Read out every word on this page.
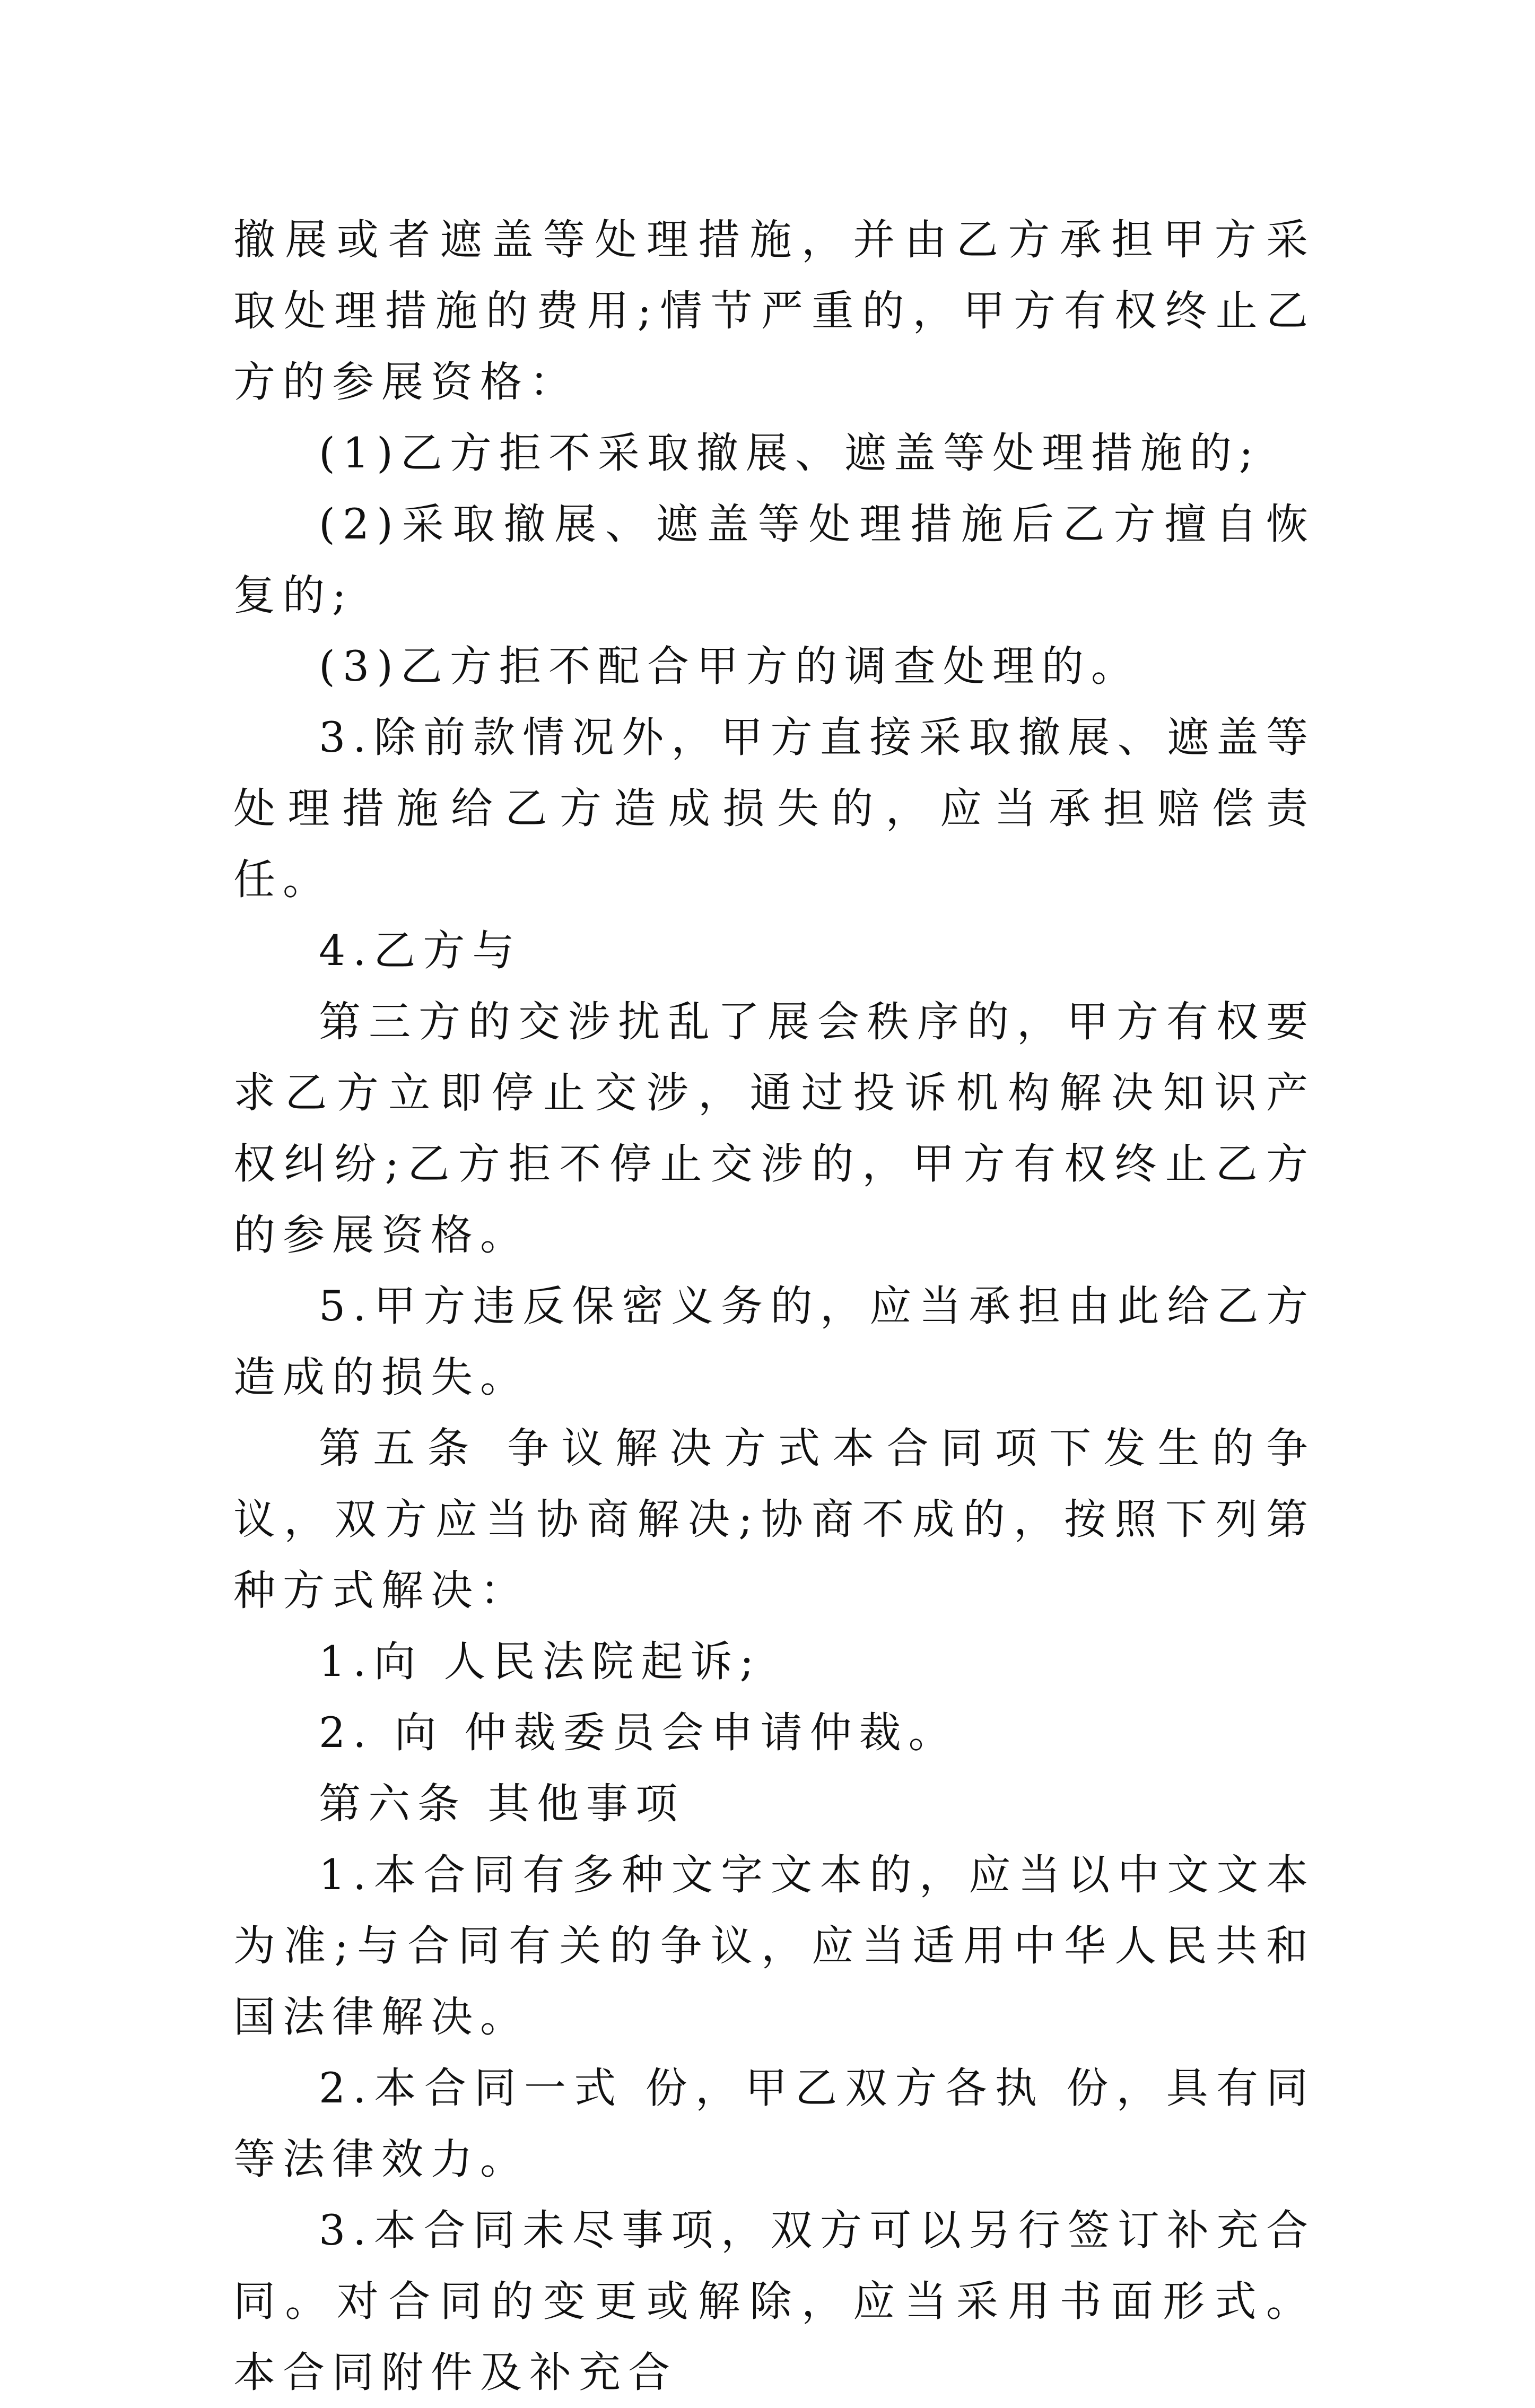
撤展或者遮盖等处理措施，并由乙方承担甲方采取处理措施的费用;情节严重的，甲方有权终止乙方的参展资格：

(1)乙方拒不采取撤展、遮盖等处理措施的;

(2)采取撤展、遮盖等处理措施后乙方擅自恢复的;

(3)乙方拒不配合甲方的调查处理的。

3.除前款情况外，甲方直接采取撤展、遮盖等处理措施给乙方造成损失的，应当承担赔偿责任。

4.乙方与

第三方的交涉扰乱了展会秩序的，甲方有权要求乙方立即停止交涉，通过投诉机构解决知识产权纠纷;乙方拒不停止交涉的，甲方有权终止乙方的参展资格。

5.甲方违反保密义务的，应当承担由此给乙方造成的损失。

第五条 争议解决方式本合同项下发生的争议，双方应当协商解决;协商不成的，按照下列第 种方式解决：

1.向 人民法院起诉;

2. 向 仲裁委员会申请仲裁。

第六条 其他事项

1.本合同有多种文字文本的，应当以中文文本为准;与合同有关的争议，应当适用中华人民共和国法律解决。

2.本合同一式 份，甲乙双方各执 份，具有同等法律效力。

3.本合同未尽事项，双方可以另行签订补充合同。对合同的变更或解除，应当采用书面形式。本合同附件及补充合
